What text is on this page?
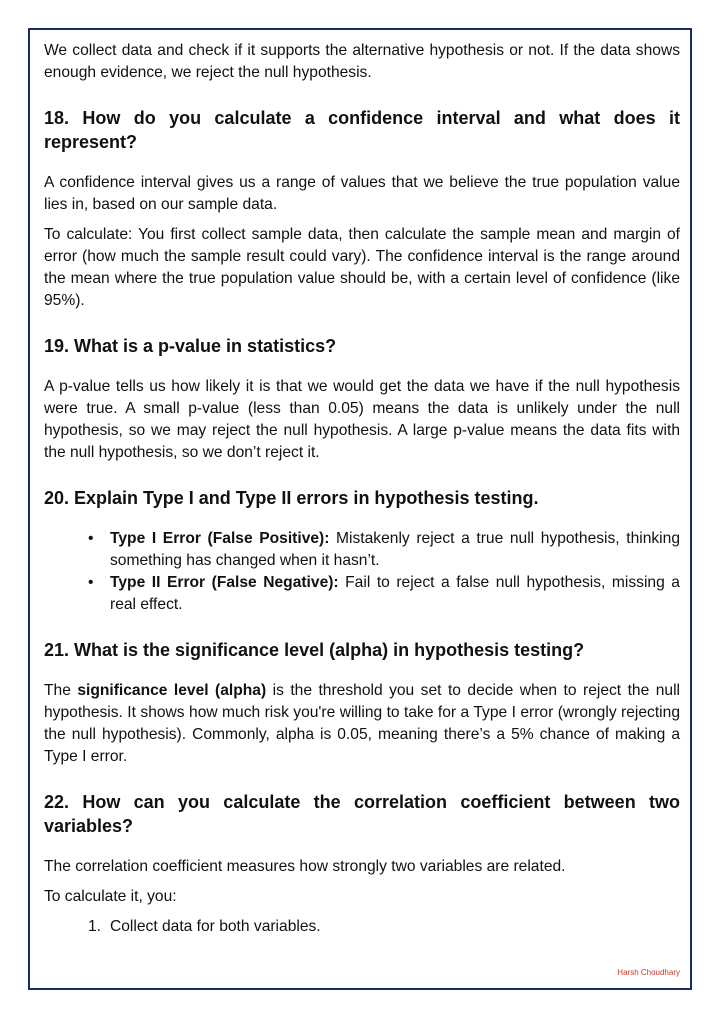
We collect data and check if it supports the alternative hypothesis or not. If the data shows enough evidence, we reject the null hypothesis.

18. How do you calculate a confidence interval and what does it represent?

A confidence interval gives us a range of values that we believe the true population value lies in, based on our sample data.

To calculate: You first collect sample data, then calculate the sample mean and margin of error (how much the sample result could vary). The confidence interval is the range around the mean where the true population value should be, with a certain level of confidence (like 95%).

19. What is a p-value in statistics?

A p-value tells us how likely it is that we would get the data we have if the null hypothesis were true. A small p-value (less than 0.05) means the data is unlikely under the null hypothesis, so we may reject the null hypothesis. A large p-value means the data fits with the null hypothesis, so we don’t reject it.

20. Explain Type I and Type II errors in hypothesis testing.
• Type I Error (False Positive): Mistakenly reject a true null hypothesis, thinking something has changed when it hasn’t.
• Type II Error (False Negative): Fail to reject a false null hypothesis, missing a real effect.
21. What is the significance level (alpha) in hypothesis testing?

The significance level (alpha) is the threshold you set to decide when to reject the null hypothesis. It shows how much risk you're willing to take for a Type I error (wrongly rejecting the null hypothesis). Commonly, alpha is 0.05, meaning there’s a 5% chance of making a Type I error.

22. How can you calculate the correlation coefficient between two variables?

The correlation coefficient measures how strongly two variables are related.

To calculate it, you:

1. Collect data for both variables.
Harsh Choudhary
